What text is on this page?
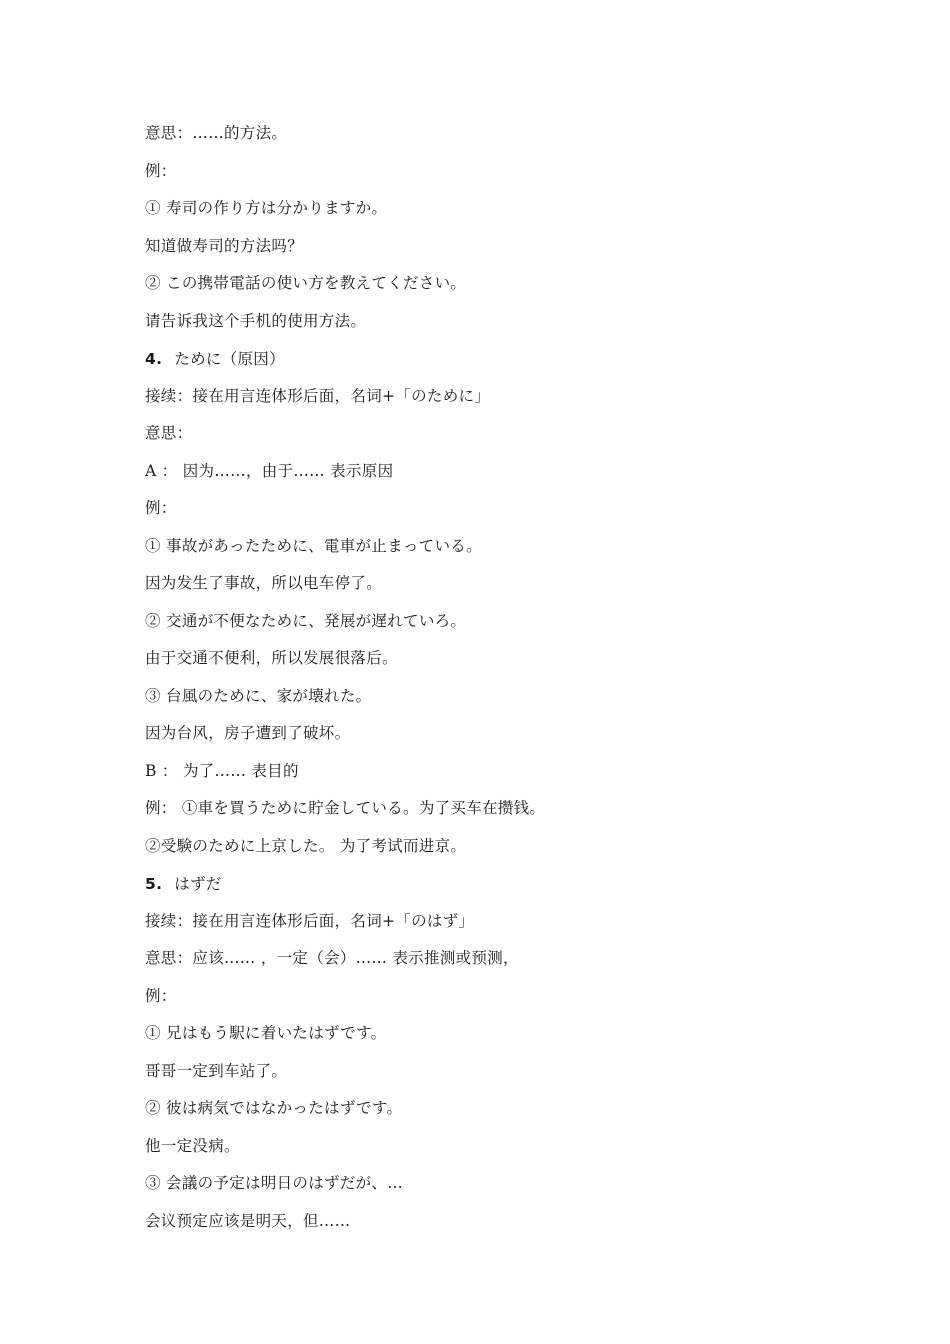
意思：……的方法。
例：
① 寿司の作り方は分かりますか。
知道做寿司的方法吗？
② この携帯電話の使い方を教えてください。
请告诉我这个手机的使用方法。
4. ために（原因）
接续：接在用言连体形后面，名词+「のために」
意思：
A ： 因为……，由于…… 表示原因
例：
① 事故があったために、電車が止まっている。
因为发生了事故，所以电车停了。
② 交通が不便なために、発展が遅れていろ。
由于交通不便利，所以发展很落后。
③ 台風のために、家が壊れた。
因为台风，房子遭到了破坏。
B ： 为了…… 表目的
例： ①車を買うために貯金している。为了买车在攒钱。
②受験のために上京した。 为了考试而进京。
5. はずだ
接续：接在用言连体形后面，名词+「のはず」
意思：应该…… ，一定（会）…… 表示推测或预测，
例：
① 兄はもう駅に着いたはずです。
哥哥一定到车站了。
② 彼は病気ではなかったはずです。
他一定没病。
③ 会議の予定は明日のはずだが、…
会议预定应该是明天，但……
